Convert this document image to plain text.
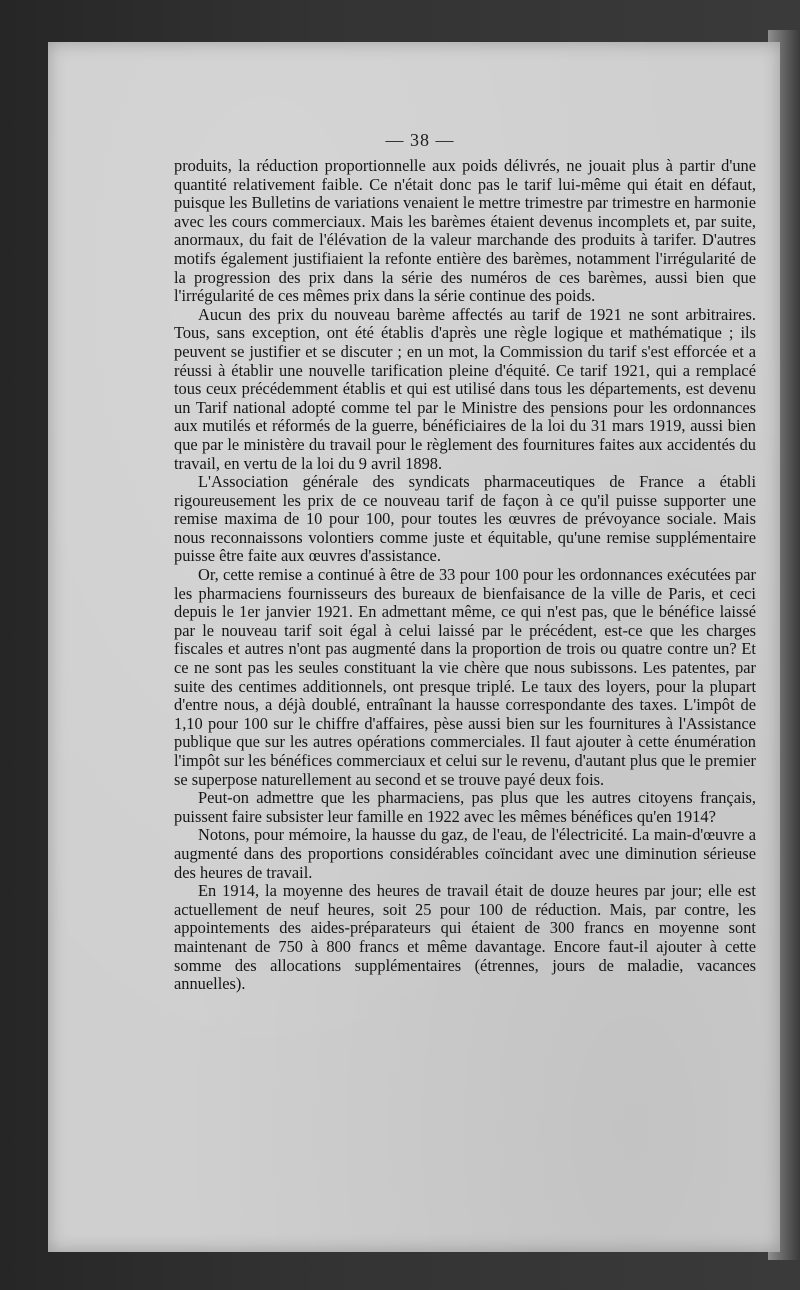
— 38 —

produits, la réduction proportionnelle aux poids délivrés, ne jouait plus à partir d'une quantité relativement faible. Ce n'était donc pas le tarif lui-même qui était en défaut, puisque les Bulletins de variations venaient le mettre trimestre par trimestre en harmonie avec les cours commerciaux. Mais les barèmes étaient devenus incomplets et, par suite, anormaux, du fait de l'élévation de la valeur marchande des produits à tarifer. D'autres motifs également justifiaient la refonte entière des barèmes, notamment l'irrégularité de la progression des prix dans la série des numéros de ces barèmes, aussi bien que l'irrégularité de ces mêmes prix dans la série continue des poids.

Aucun des prix du nouveau barème affectés au tarif de 1921 ne sont arbitraires. Tous, sans exception, ont été établis d'après une règle logique et mathématique ; ils peuvent se justifier et se discuter ; en un mot, la Commission du tarif s'est efforcée et a réussi à établir une nouvelle tarification pleine d'équité. Ce tarif 1921, qui a remplacé tous ceux précédemment établis et qui est utilisé dans tous les départements, est devenu un Tarif national adopté comme tel par le Ministre des pensions pour les ordonnances aux mutilés et réformés de la guerre, bénéficiaires de la loi du 31 mars 1919, aussi bien que par le ministère du travail pour le règlement des fournitures faites aux accidentés du travail, en vertu de la loi du 9 avril 1898.

L'Association générale des syndicats pharmaceutiques de France a établi rigoureusement les prix de ce nouveau tarif de façon à ce qu'il puisse supporter une remise maxima de 10 pour 100, pour toutes les œuvres de prévoyance sociale. Mais nous reconnaissons volontiers comme juste et équitable, qu'une remise supplémentaire puisse être faite aux œuvres d'assistance.

Or, cette remise a continué à être de 33 pour 100 pour les ordonnances exécutées par les pharmaciens fournisseurs des bureaux de bienfaisance de la ville de Paris, et ceci depuis le 1er janvier 1921. En admettant même, ce qui n'est pas, que le bénéfice laissé par le nouveau tarif soit égal à celui laissé par le précédent, est-ce que les charges fiscales et autres n'ont pas augmenté dans la proportion de trois ou quatre contre un? Et ce ne sont pas les seules constituant la vie chère que nous subissons. Les patentes, par suite des centimes additionnels, ont presque triplé. Le taux des loyers, pour la plupart d'entre nous, a déjà doublé, entraînant la hausse correspondante des taxes. L'impôt de 1,10 pour 100 sur le chiffre d'affaires, pèse aussi bien sur les fournitures à l'Assistance publique que sur les autres opérations commerciales. Il faut ajouter à cette énumération l'impôt sur les bénéfices commerciaux et celui sur le revenu, d'autant plus que le premier se superpose naturellement au second et se trouve payé deux fois.

Peut-on admettre que les pharmaciens, pas plus que les autres citoyens français, puissent faire subsister leur famille en 1922 avec les mêmes bénéfices qu'en 1914?

Notons, pour mémoire, la hausse du gaz, de l'eau, de l'électricité. La main-d'œuvre a augmenté dans des proportions considérables coïncidant avec une diminution sérieuse des heures de travail.

En 1914, la moyenne des heures de travail était de douze heures par jour; elle est actuellement de neuf heures, soit 25 pour 100 de réduction. Mais, par contre, les appointements des aides-préparateurs qui étaient de 300 francs en moyenne sont maintenant de 750 à 800 francs et même davantage. Encore faut-il ajouter à cette somme des allocations supplémentaires (étrennes, jours de maladie, vacances annuelles).
